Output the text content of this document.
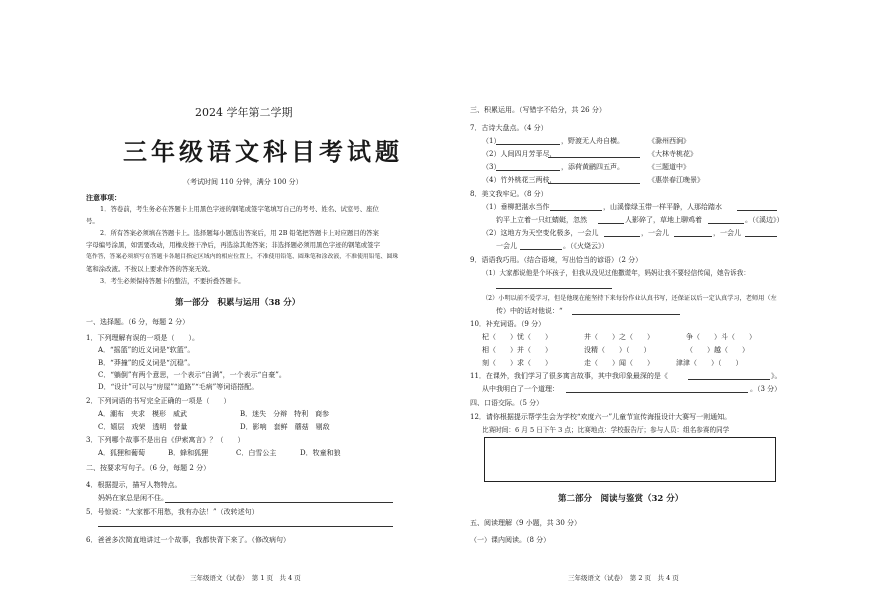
2024 学年第二学期
三年级语文科目考试题
（考试时间 110 分钟，满分 100 分）
注意事项：
1．答卷前，考生务必在答题卡上用黑色字迹的钢笔或签字笔填写自己的考号、姓名、试室号、座位
号。
2．所有答案必须填在答题卡上。选择题每小题选出答案后，用 2B 铅笔把答题卡上对应题目的答案
字母编号涂黑，如需要改动，用橡皮擦干净后，再选涂其他答案；非选择题必须用黑色字迹的钢笔或签字
笔作答，答案必须填写在答题卡各题目指定区域内的相应位置上，不准使用铅笔、圆珠笔和涂改液，不准使用铅笔、圆珠
笔和涂改液。不按以上要求作答的答案无效。
3．考生必须保持答题卡的整洁，不要折叠答题卡。
第一部分　积累与运用（38 分）
一、选择题。（6 分，每题 2 分）
1．下列理解有误的一项是（　　）。
A．“摇篮”的近义词是“软篮”。
B．“莽撞”的反义词是“沉稳”。
C．“躺倒”有两个意思，一个表示“自满”，一个表示“自豪”。
D．“设计”可以与“房屋”“道路”“毛病”等词语搭配。
2．下列词语的书写完全正确的一项是（　　）
A．潮布　夹求　模形　威武	B．迷失　分辩　特利　商参
C．嬉层　戏荣　透明　替量	D．影响　套鲜　蘑菇　剔敌
3．下列哪个故事不是出自《伊索寓言》？（　　）
A．狐狸和葡萄	B．蜂和狐狸	C．白雪公主	D．牧童和狼
二、按要求写句子。（6 分，每题 2 分）
4．根据提示，描写人物特点。
妈妈在家总是闲不住。
5．号惊说：“大家都不用愁，我有办法！”（改转述句）
6．爸爸多次简直地讲过一个故事，我都快背下来了。（修改病句）
三年级语文（试卷）　第 1 页　共 4 页
三、积累运用。（写错字不给分，共 26 分）
7．古诗大盘点。（4 分）
（1）	，野渡无人舟自横。	《滁州西涧》
（2）人间四月芳菲尽，	《大林寺桃花》
（3）	，添荷黄鹂四五声。	《三题道中》
（4）竹外桃花三两枝，	《惠崇春江晚景》
8．美文我牢记。（8 分）
（1）垂柳把湛水当作	，山溪像绿玉带一样平静，人那给踏水
钓平上立着一只红蜻蜓，忽然	人影碎了，草地上聊鸡着	。（《溪边》）
（2）这地方为天空变化极多，一会儿	，一会儿	，一会儿
一会儿	。（《火烧云》）
9．语语我巧用。（结合语境，写出恰当的谚语）（2 分）
（1）大家都说他是个坏孩子，但我从没见过他撒谎年，妈妈让我不要轻信传闻，她告诉我：
（2）小明以前不爱学习，但是他现在能坚持下来每份作业认真书写，还保证以后一定认真学习，老师用（左
传）中的话对他说：“
10．补充词语。（9 分）
杞（　　）忧（　　）	井（　　）之（　　）	争（　　）斗（　　）
相（　　）并（　　）	没精（　　）（　　）	（　　）越（　　）
刻（　　）求（　　）	走（　　）闻（　　）	津津（　　）（　　）
11．在课外，我们学习了很多寓言故事，其中我印象最深的是《	》。
从中我明白了一个道理：	。（3 分）
四、口语交际。（5 分）
12．请你根据提示帮学生会为学校“欢度六一”儿童节宣传海报设计大赛写一则通知。
比赛时间：6 月 5 日下午 3 点；比赛地点：学校报告厅；参与人员：组名参赛的同学
第二部分　阅读与鉴赏（32 分）
五、阅读理解（9 小题，共 30 分）
（一）课内阅读。（8 分）
三年级语文（试卷）　第 2 页　共 4 页
